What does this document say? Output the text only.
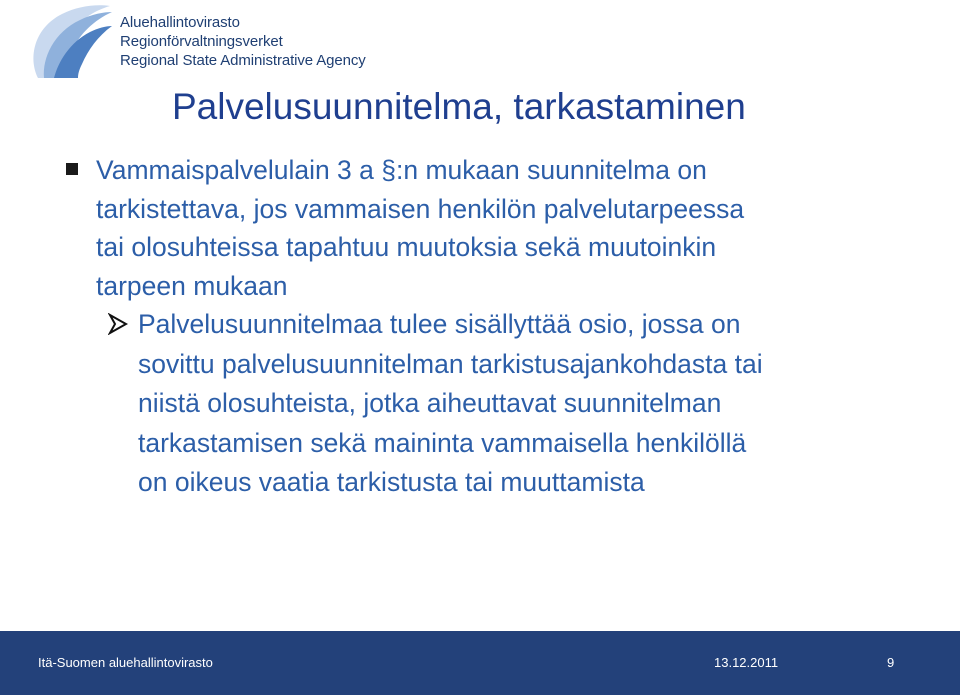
Aluehallintovirasto
Regionförvaltningsverket
Regional State Administrative Agency
Palvelusuunnitelma, tarkastaminen
Vammaispalvelulain 3 a §:n mukaan suunnitelma on
tarkistettava, jos vammaisen henkilön palvelutarpeessa
tai olosuhteissa tapahtuu muutoksia sekä muutoinkin
tarpeen mukaan
Palvelusuunnitelmaa tulee sisällyttää osio, jossa on
sovittu palvelusuunnitelman tarkistusajankohdasta tai
niistä olosuhteista, jotka aiheuttavat suunnitelman
tarkastamisen sekä maininta vammaisella henkilöllä
on oikeus vaatia tarkistusta tai muuttamista
Itä-Suomen aluehallintovirasto	13.12.2011	9
